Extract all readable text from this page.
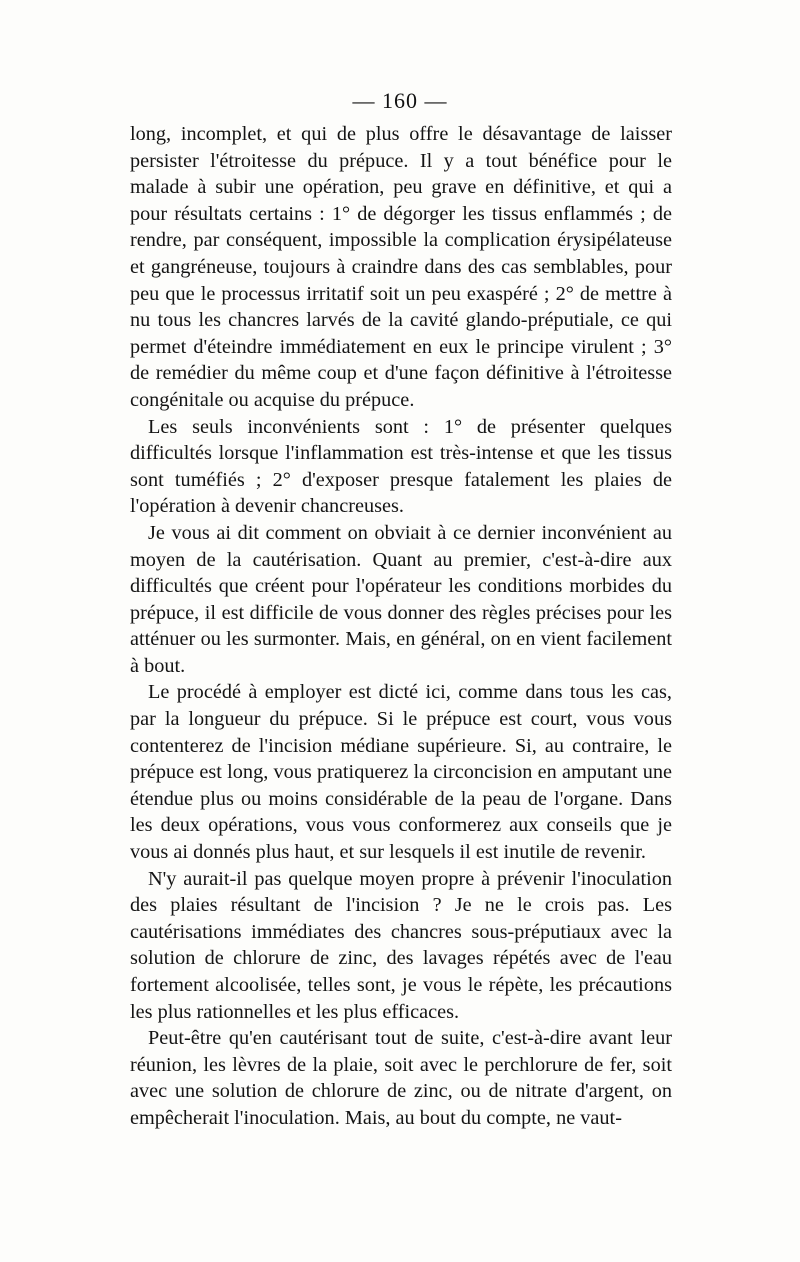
— 160 —

long, incomplet, et qui de plus offre le désavantage de laisser persister l'étroitesse du prépuce. Il y a tout bénéfice pour le malade à subir une opération, peu grave en définitive, et qui a pour résultats certains : 1° de dégorger les tissus enflammés ; de rendre, par conséquent, impossible la complication érysipélateuse et gangréneuse, toujours à craindre dans des cas semblables, pour peu que le processus irritatif soit un peu exaspéré ; 2° de mettre à nu tous les chancres larvés de la cavité glando-préputiale, ce qui permet d'éteindre immédiatement en eux le principe virulent ; 3° de remédier du même coup et d'une façon définitive à l'étroitesse congénitale ou acquise du prépuce.

Les seuls inconvénients sont : 1° de présenter quelques difficultés lorsque l'inflammation est très-intense et que les tissus sont tuméfiés ; 2° d'exposer presque fatalement les plaies de l'opération à devenir chancreuses.

Je vous ai dit comment on obviait à ce dernier inconvénient au moyen de la cautérisation. Quant au premier, c'est-à-dire aux difficultés que créent pour l'opérateur les conditions morbides du prépuce, il est difficile de vous donner des règles précises pour les atténuer ou les surmonter. Mais, en général, on en vient facilement à bout.

Le procédé à employer est dicté ici, comme dans tous les cas, par la longueur du prépuce. Si le prépuce est court, vous vous contenterez de l'incision médiane supérieure. Si, au contraire, le prépuce est long, vous pratiquerez la circoncision en amputant une étendue plus ou moins considérable de la peau de l'organe. Dans les deux opérations, vous vous conformerez aux conseils que je vous ai donnés plus haut, et sur lesquels il est inutile de revenir.

N'y aurait-il pas quelque moyen propre à prévenir l'inoculation des plaies résultant de l'incision ? Je ne le crois pas. Les cautérisations immédiates des chancres sous-préputiaux avec la solution de chlorure de zinc, des lavages répétés avec de l'eau fortement alcoolisée, telles sont, je vous le répète, les précautions les plus rationnelles et les plus efficaces.

Peut-être qu'en cautérisant tout de suite, c'est-à-dire avant leur réunion, les lèvres de la plaie, soit avec le perchlorure de fer, soit avec une solution de chlorure de zinc, ou de nitrate d'argent, on empêcherait l'inoculation. Mais, au bout du compte, ne vaut-
